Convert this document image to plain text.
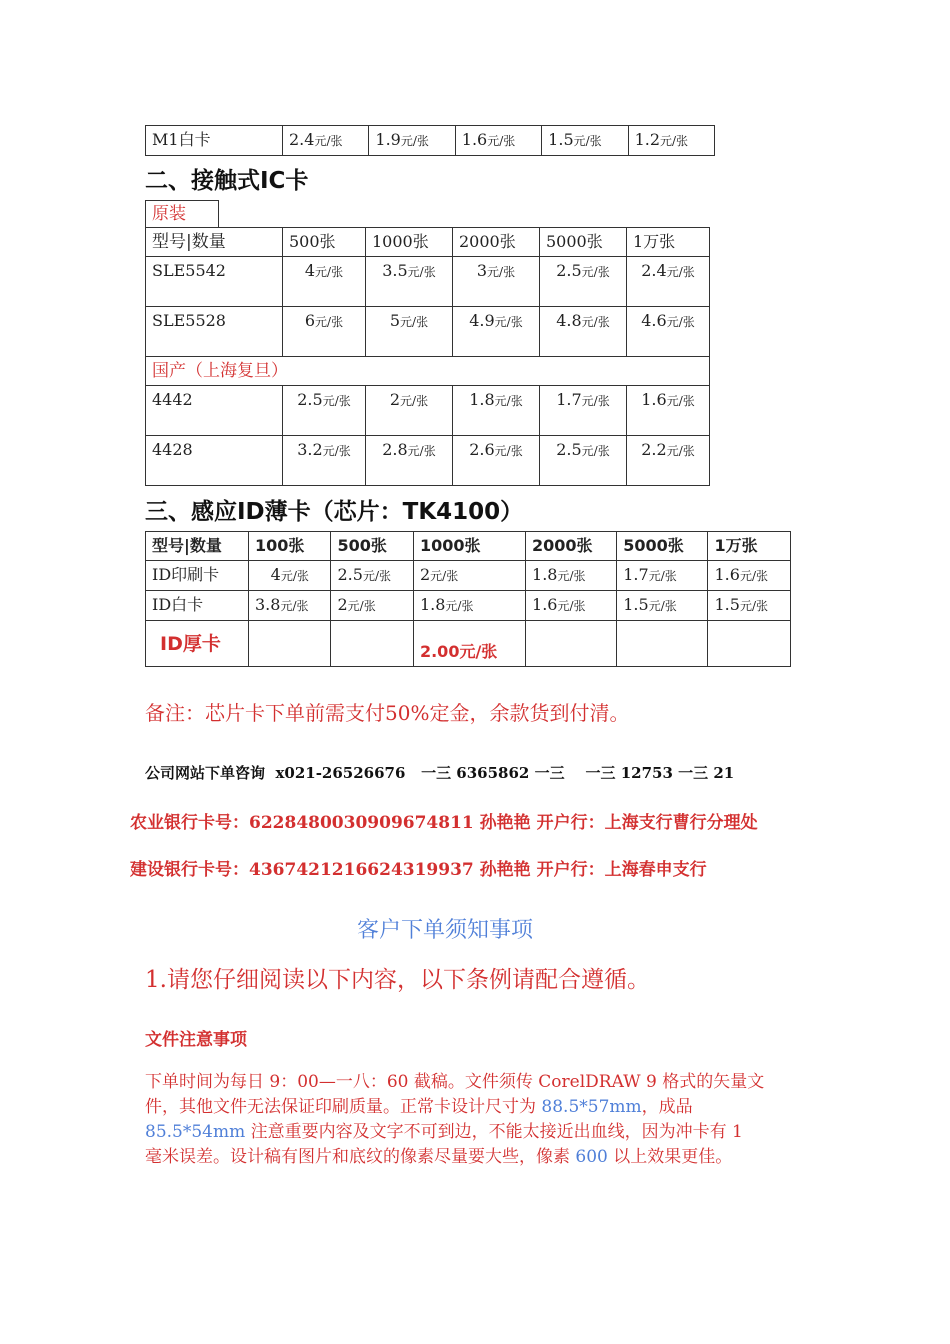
M1白卡	2.4元/张	1.9元/张	1.6元/张	1.5元/张	1.2元/张
二、接触式IC卡
原装
型号|数量	500张	1000张	2000张	5000张	1万张
SLE5542	4元/张	3.5元/张	3元/张	2.5元/张	2.4元/张
SLE5528	6元/张	5元/张	4.9元/张	4.8元/张	4.6元/张
国产（上海复旦）					
4442	2.5元/张	2元/张	1.8元/张	1.7元/张	1.6元/张
4428	3.2元/张	2.8元/张	2.6元/张	2.5元/张	2.2元/张
三、感应ID薄卡（芯片：TK4100）
型号|数量	100张	500张	1000张	2000张	5000张	1万张
ID印刷卡	4元/张	2.5元/张	2元/张	1.8元/张	1.7元/张	1.6元/张
ID白卡	3.8元/张	2元/张	1.8元/张	1.6元/张	1.5元/张	1.5元/张
ID厚卡			2.00元/张			
备注：芯片卡下单前需支付50%定金，余款货到付清。
公司网站下单咨询  x021-26526676   一三 6365862 一三    一三 12753 一三 21
农业银行卡号：6228480030909674811 孙艳艳 开户行：上海支行曹行分理处
建设银行卡号：4367421216624319937 孙艳艳 开户行：上海春申支行
客户下单须知事项
1.请您仔细阅读以下内容，以下条例请配合遵循。
文件注意事项
下单时间为每日 9：00—一八：60 截稿。文件须传 CorelDRAW 9 格式的矢量文
件，其他文件无法保证印刷质量。正常卡设计尺寸为 88.5*57mm，成品
85.5*54mm 注意重要内容及文字不可到边，不能太接近出血线，因为冲卡有 1
毫米误差。设计稿有图片和底纹的像素尽量要大些，像素 600 以上效果更佳。
